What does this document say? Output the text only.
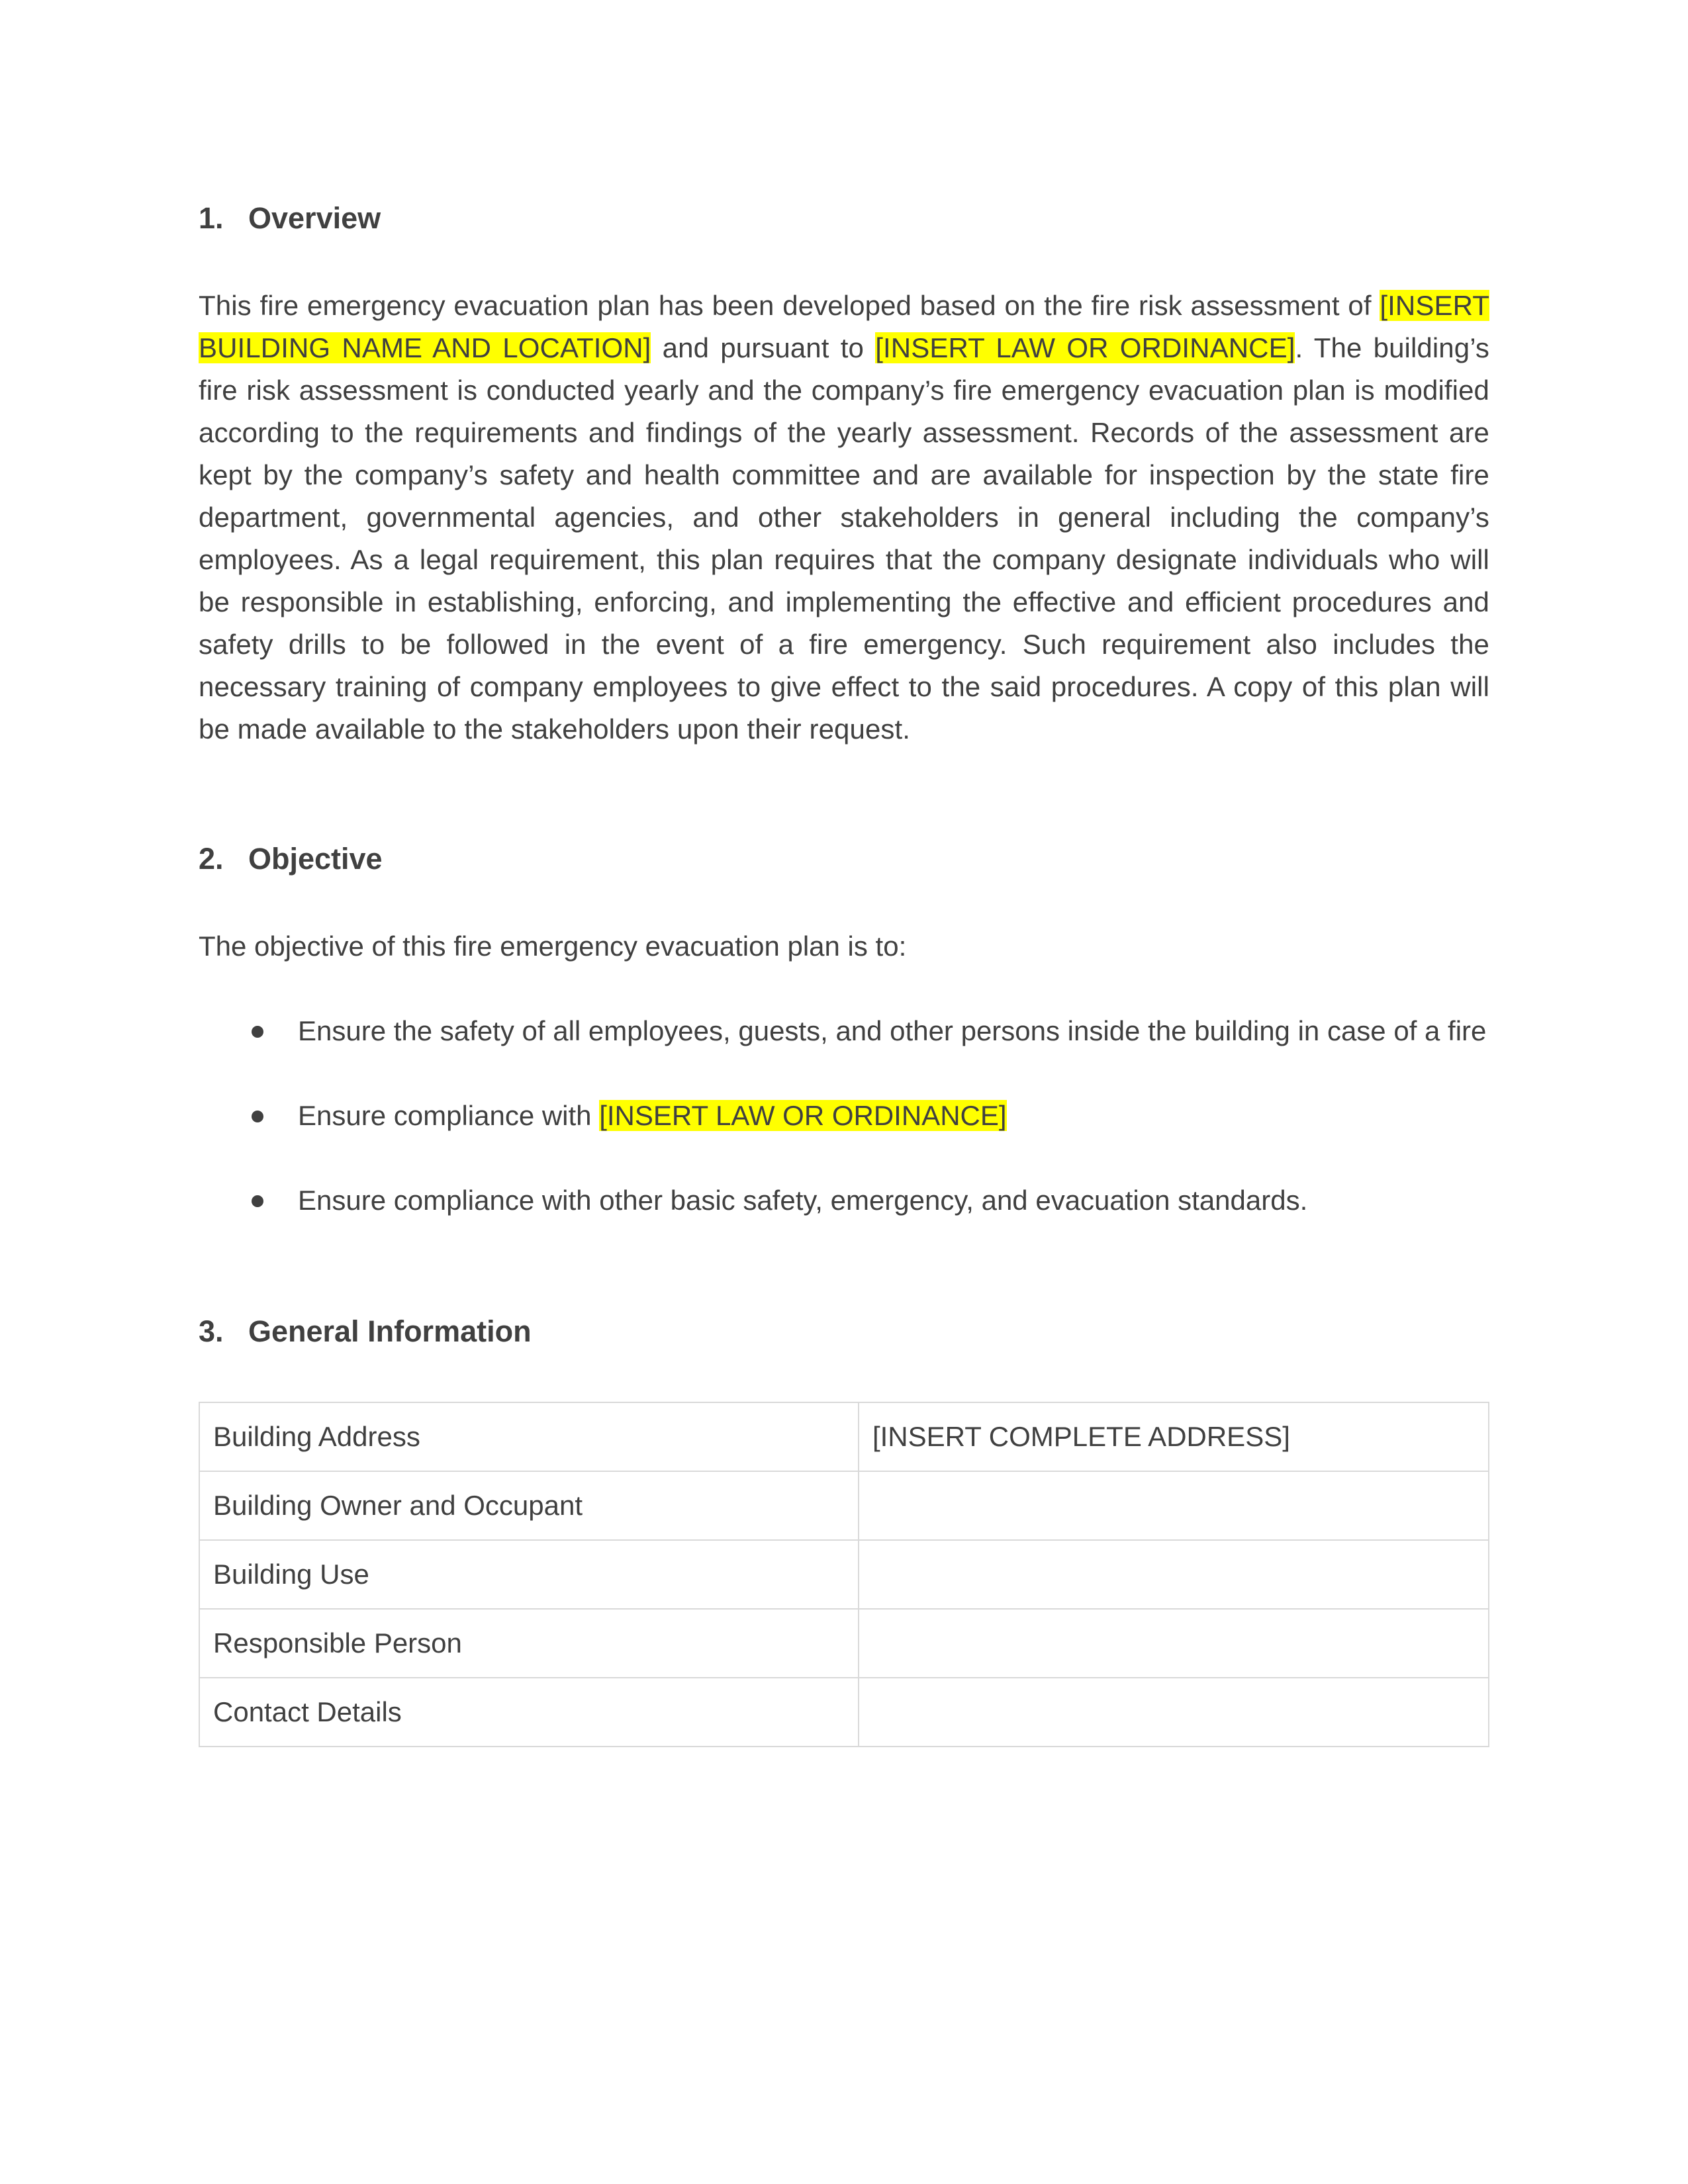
1. Overview
This fire emergency evacuation plan has been developed based on the fire risk assessment of [INSERT BUILDING NAME AND LOCATION] and pursuant to [INSERT LAW OR ORDINANCE]. The building’s fire risk assessment is conducted yearly and the company’s fire emergency evacuation plan is modified according to the requirements and findings of the yearly assessment. Records of the assessment are kept by the company’s safety and health committee and are available for inspection by the state fire department, governmental agencies, and other stakeholders in general including the company’s employees. As a legal requirement, this plan requires that the company designate individuals who will be responsible in establishing, enforcing, and implementing the effective and efficient procedures and safety drills to be followed in the event of a fire emergency. Such requirement also includes the necessary training of company employees to give effect to the said procedures. A copy of this plan will be made available to the stakeholders upon their request.
2. Objective
The objective of this fire emergency evacuation plan is to:
Ensure the safety of all employees, guests, and other persons inside the building in case of a fire
Ensure compliance with [INSERT LAW OR ORDINANCE]
Ensure compliance with other basic safety, emergency, and evacuation standards.
3. General Information
Building Address	[INSERT COMPLETE ADDRESS]
Building Owner and Occupant	
Building Use	
Responsible Person	
Contact Details	
